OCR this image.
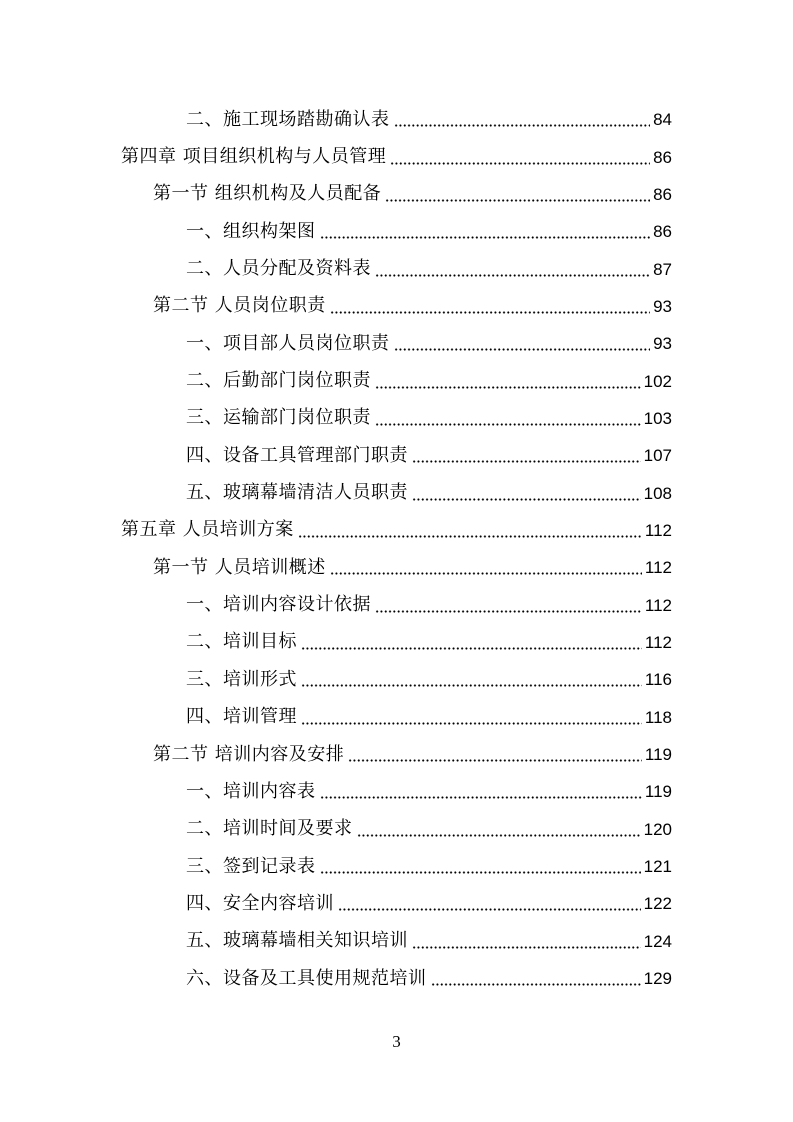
二、施工现场踏勘确认表	84
第四章 项目组织机构与人员管理	86
第一节 组织机构及人员配备	86
一、组织构架图	86
二、人员分配及资料表	87
第二节 人员岗位职责	93
一、项目部人员岗位职责	93
二、后勤部门岗位职责	102
三、运输部门岗位职责	103
四、设备工具管理部门职责	107
五、玻璃幕墙清洁人员职责	108
第五章 人员培训方案	112
第一节 人员培训概述	112
一、培训内容设计依据	112
二、培训目标	112
三、培训形式	116
四、培训管理	118
第二节 培训内容及安排	119
一、培训内容表	119
二、培训时间及要求	120
三、签到记录表	121
四、安全内容培训	122
五、玻璃幕墙相关知识培训	124
六、设备及工具使用规范培训	129
3
